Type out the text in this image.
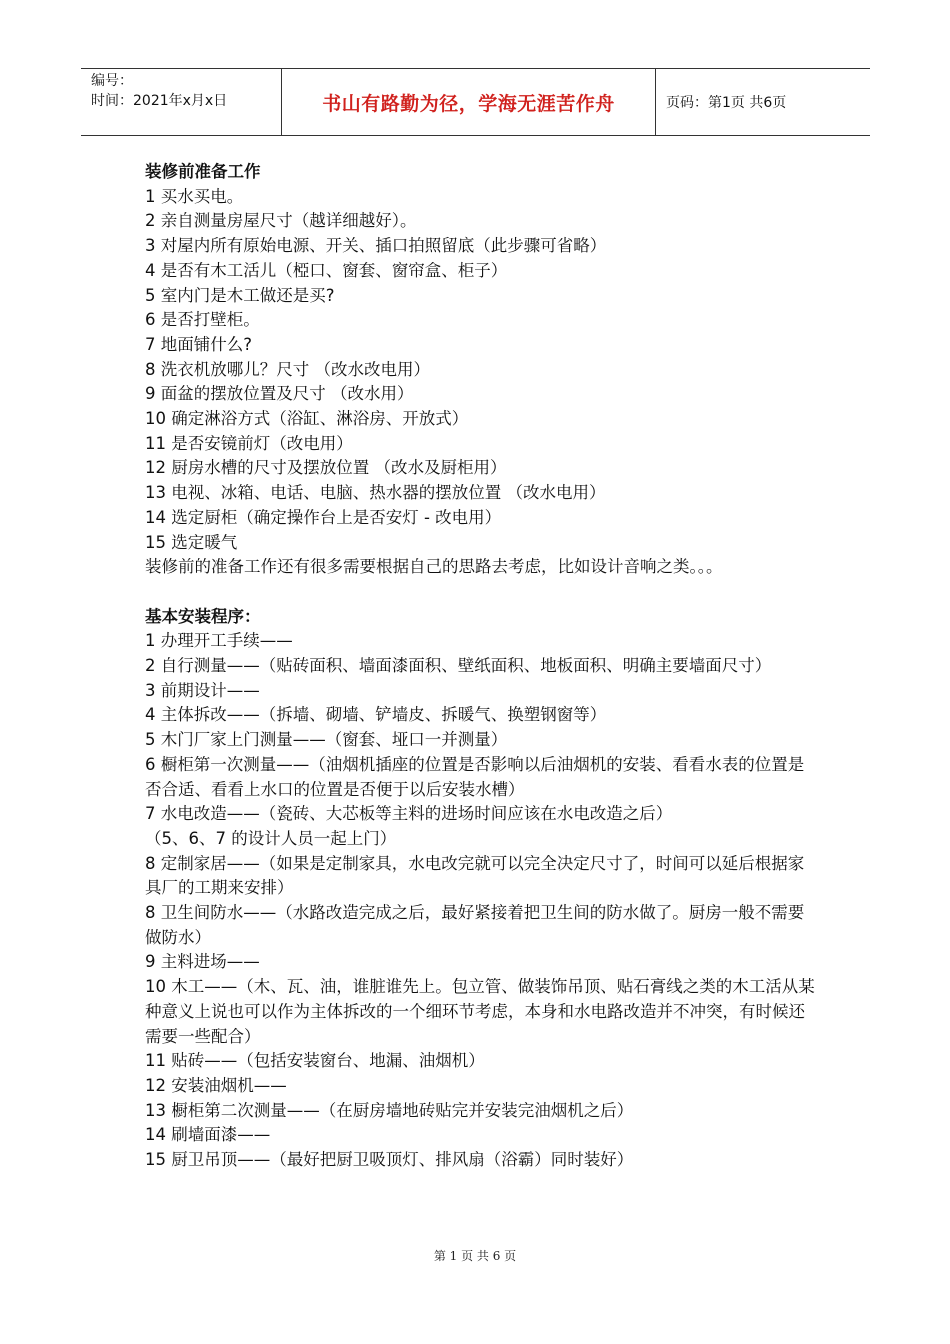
编号：
时间：2021年x月x日	书山有路勤为径，学海无涯苦作舟	页码：第1页 共6页

装修前准备工作

1 买水买电。

2 亲自测量房屋尺寸（越详细越好）。

3 对屋内所有原始电源、开关、插口拍照留底（此步骤可省略）

4 是否有木工活儿（椏口、窗套、窗帘盒、柜子）

5 室内门是木工做还是买?

6 是否打壁柜。

7 地面铺什么?

8 洗衣机放哪儿？尺寸 （改水改电用）

9 面盆的摆放位置及尺寸 （改水用）

10 确定淋浴方式（浴缸、淋浴房、开放式）

11 是否安镜前灯（改电用）

12 厨房水槽的尺寸及摆放位置 （改水及厨柜用）

13 电视、冰箱、电话、电脑、热水器的摆放位置 （改水电用）

14 选定厨柜（确定操作台上是否安灯 - 改电用）

15 选定暖气

装修前的准备工作还有很多需要根据自己的思路去考虑，比如设计音响之类。。。

基本安装程序：

1 办理开工手续——

2 自行测量——（贴砖面积、墙面漆面积、壁纸面积、地板面积、明确主要墙面尺寸）

3 前期设计——

4 主体拆改——（拆墙、砌墙、铲墙皮、拆暖气、换塑钢窗等）

5 木门厂家上门测量——（窗套、垭口一并测量）

6 橱柜第一次测量——（油烟机插座的位置是否影响以后油烟机的安装、看看水表的位置是否合适、看看上水口的位置是否便于以后安装水槽）

7 水电改造——（瓷砖、大芯板等主料的进场时间应该在水电改造之后）

（5、6、7 的设计人员一起上门）

8 定制家居——（如果是定制家具，水电改完就可以完全决定尺寸了，时间可以延后根据家具厂的工期来安排）

8 卫生间防水——（水路改造完成之后，最好紧接着把卫生间的防水做了。厨房一般不需要做防水）

9 主料进场——

10 木工——（木、瓦、油，谁脏谁先上。包立管、做装饰吊顶、贴石膏线之类的木工活从某种意义上说也可以作为主体拆改的一个细环节考虑，本身和水电路改造并不冲突，有时候还需要一些配合）

11 贴砖——（包括安装窗台、地漏、油烟机）

12 安装油烟机——

13 橱柜第二次测量——（在厨房墙地砖贴完并安装完油烟机之后）

14 刷墙面漆——

15 厨卫吊顶——（最好把厨卫吸顶灯、排风扇（浴霸）同时装好）

第 1 页 共 6 页
